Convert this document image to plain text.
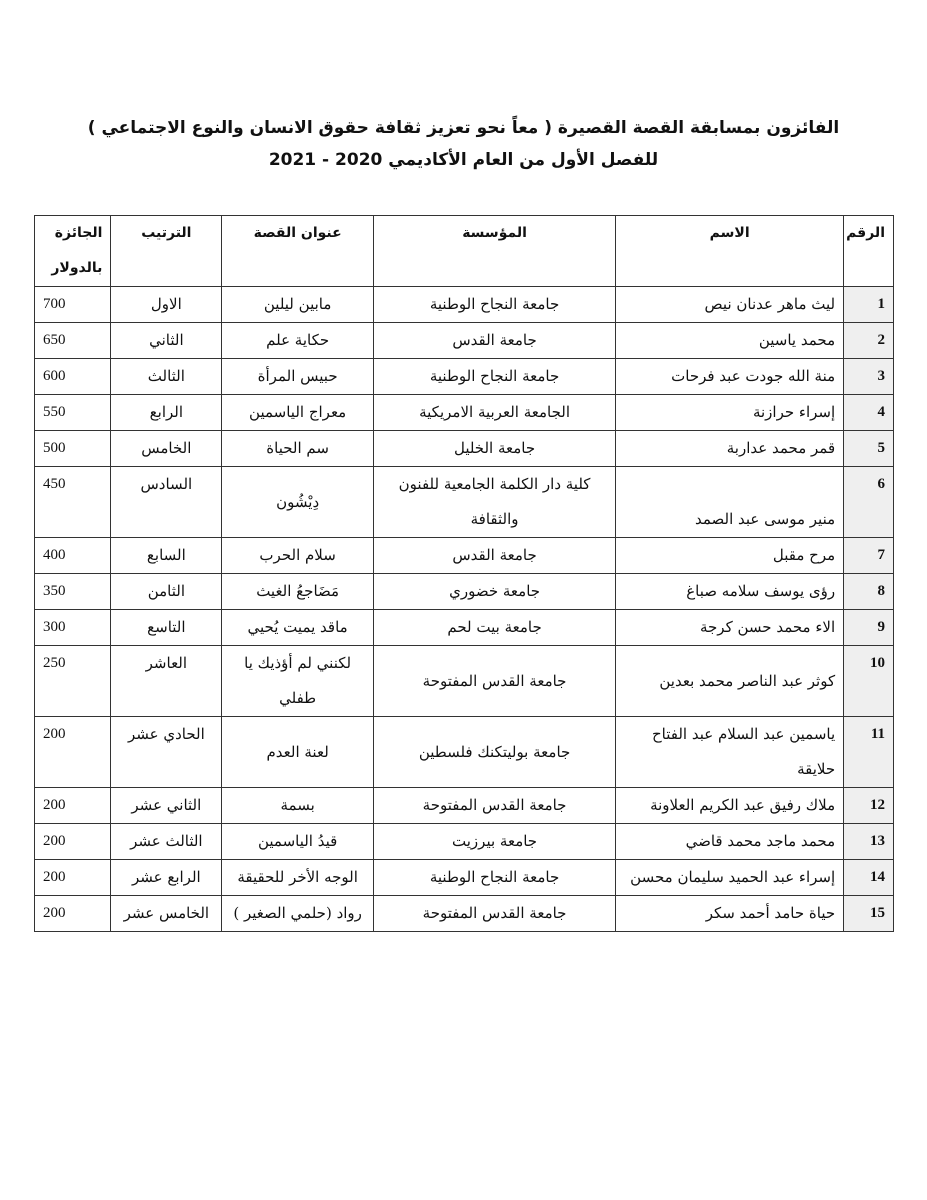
الفائزون بمسابقة القصة القصيرة ( معاً نحو تعزيز ثقافة حقوق الانسان والنوع الاجتماعي )
للفصل الأول من العام الأكاديمي 2020 - 2021
الرقم	الاسم	المؤسسة	عنوان القصة	الترتيب	الجائزة
بالدولار
1	ليث ماهر عدنان نيص	جامعة النجاح الوطنية	مابين ليلين	الاول	700
2	محمد ياسين	جامعة القدس	حكاية علم	الثاني	650
3	منة الله جودت عبد فرحات	جامعة النجاح الوطنية	حبيس المرأة	الثالث	600
4	إسراء حرازنة	الجامعة العربية الامريكية	معراج الياسمين	الرابع	550
5	قمر محمد عداربة	جامعة الخليل	سم الحياة	الخامس	500
6	منير موسى عبد الصمد	كلية دار الكلمة الجامعية للفنون والثقافة	دِيْشُون	السادس	450
7	مرح مقبل	جامعة القدس	سلام الحرب	السابع	400
8	رؤى يوسف سلامه صباغ	جامعة خضوري	مَضَاجعُ الغيث	الثامن	350
9	الاء محمد حسن كرجة	جامعة بيت لحم	ماقد يميت يُحيي	التاسع	300
10	كوثر عبد الناصر محمد بعدين	جامعة القدس المفتوحة	لكنني لم أؤذيك يا طفلي	العاشر	250
11	ياسمين عبد السلام عبد الفتاح حلايقة	جامعة بوليتكنك فلسطين	لعنة العدم	الحادي عشر	200
12	ملاك رفيق عبد الكريم العلاونة	جامعة القدس المفتوحة	بسمة	الثاني عشر	200
13	محمد ماجد محمد قاضي	جامعة بيرزيت	قيدُ الياسمين	الثالث عشر	200
14	إسراء عبد الحميد سليمان محسن	جامعة النجاح الوطنية	الوجه الأخر للحقيقة	الرابع عشر	200
15	حياة حامد أحمد سكر	جامعة القدس المفتوحة	رواد (حلمي الصغير )	الخامس عشر	200
